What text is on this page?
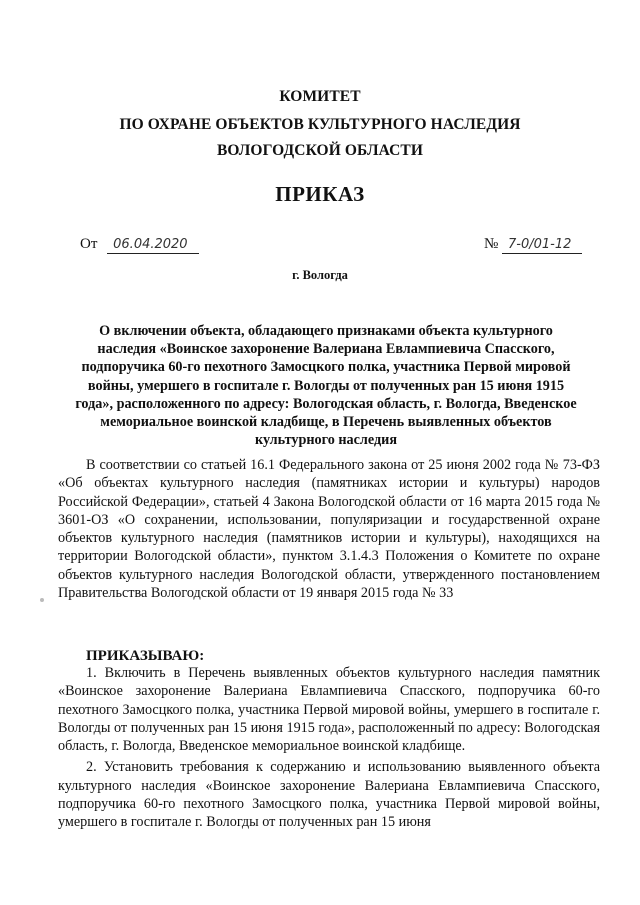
КОМИТЕТ
ПО ОХРАНЕ ОБЪЕКТОВ КУЛЬТУРНОГО НАСЛЕДИЯ
ВОЛОГОДСКОЙ ОБЛАСТИ
ПРИКАЗ
От 06.04.2020	№ 7-0/01-12
г. Вологда
О включении объекта, обладающего признаками объекта культурного наследия «Воинское захоронение Валериана Евлампиевича Спасского, подпоручика 60-го пехотного Замосцкого полка, участника Первой мировой войны, умершего в госпитале г. Вологды от полученных ран 15 июня 1915 года», расположенного по адресу: Вологодская область, г. Вологда, Введенское мемориальное воинской кладбище, в Перечень выявленных объектов культурного наследия
В соответствии со статьей 16.1 Федерального закона от 25 июня 2002 года № 73-ФЗ «Об объектах культурного наследия (памятниках истории и культуры) народов Российской Федерации», статьей 4 Закона Вологодской области от 16 марта 2015 года № 3601-ОЗ «О сохранении, использовании, популяризации и государственной охране объектов культурного наследия (памятников истории и культуры), находящихся на территории Вологодской области», пунктом 3.1.4.3 Положения о Комитете по охране объектов культурного наследия Вологодской области, утвержденного постановлением Правительства Вологодской области от 19 января 2015 года № 33
ПРИКАЗЫВАЮ:

1. Включить в Перечень выявленных объектов культурного наследия памятник «Воинское захоронение Валериана Евлампиевича Спасского, подпоручика 60-го пехотного Замосцкого полка, участника Первой мировой войны, умершего в госпитале г. Вологды от полученных ран 15 июня 1915 года», расположенный по адресу: Вологодская область, г. Вологда, Введенское мемориальное воинской кладбище.

2. Установить требования к содержанию и использованию выявленного объекта культурного наследия «Воинское захоронение Валериана Евлампиевича Спасского, подпоручика 60-го пехотного Замосцкого полка, участника Первой мировой войны, умершего в госпитале г. Вологды от полученных ран 15 июня
